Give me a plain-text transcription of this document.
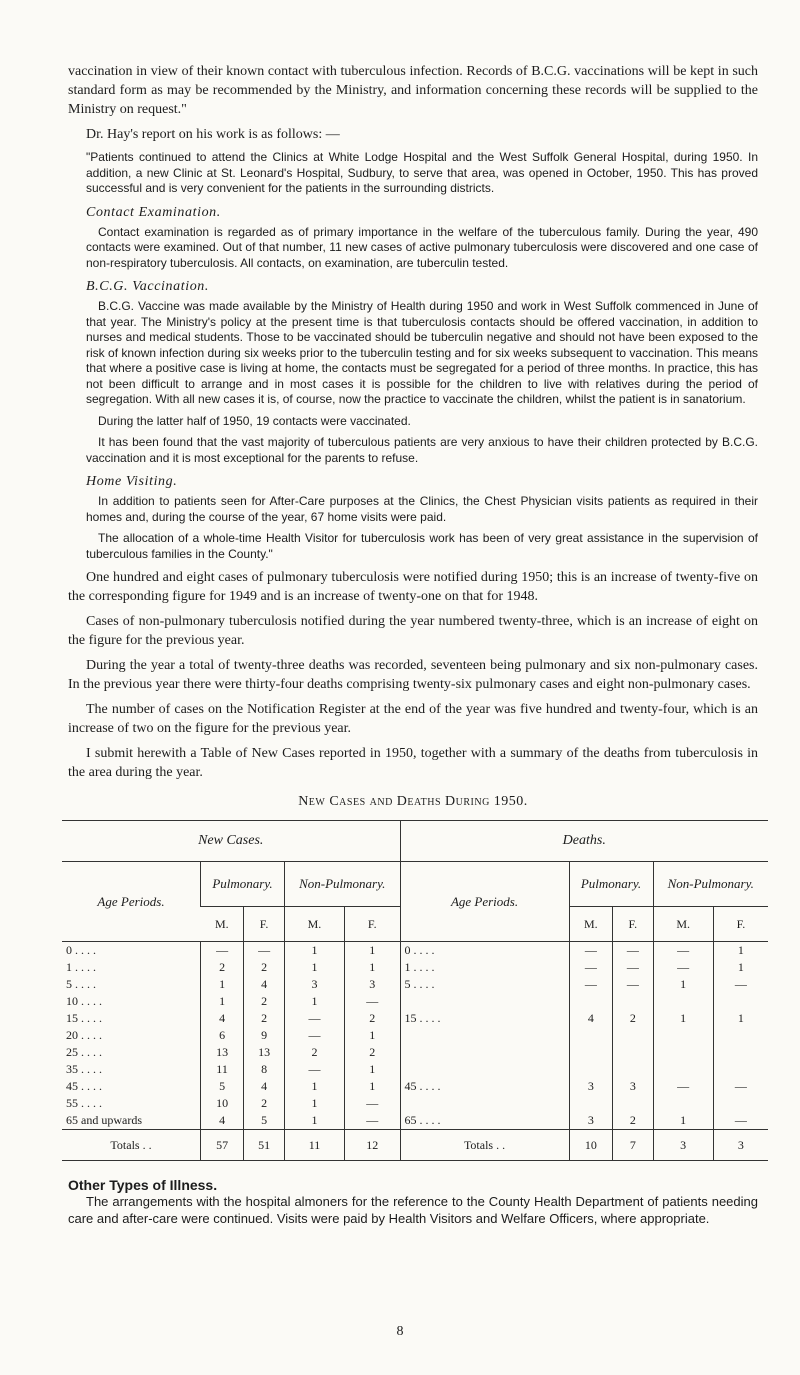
vaccination in view of their known contact with tuberculous infection. Records of B.C.G. vaccinations will be kept in such standard form as may be recommended by the Ministry, and information concerning these records will be supplied to the Ministry on request."

Dr. Hay's report on his work is as follows: —

"Patients continued to attend the Clinics at White Lodge Hospital and the West Suffolk General Hospital, during 1950. In addition, a new Clinic at St. Leonard's Hospital, Sudbury, to serve that area, was opened in October, 1950. This has proved successful and is very convenient for the patients in the surrounding districts.

Contact Examination.

Contact examination is regarded as of primary importance in the welfare of the tuberculous family. During the year, 490 contacts were examined. Out of that number, 11 new cases of active pulmonary tuberculosis were discovered and one case of non-respiratory tuberculosis. All contacts, on examination, are tuberculin tested.

B.C.G. Vaccination.

B.C.G. Vaccine was made available by the Ministry of Health during 1950 and work in West Suffolk commenced in June of that year. The Ministry's policy at the present time is that tuberculosis contacts should be offered vaccination, in addition to nurses and medical students. Those to be vaccinated should be tuberculin negative and should not have been exposed to the risk of known infection during six weeks prior to the tuberculin testing and for six weeks subsequent to vaccination. This means that where a positive case is living at home, the contacts must be segregated for a period of three months. In practice, this has not been difficult to arrange and in most cases it is possible for the children to live with relatives during the period of segregation. With all new cases it is, of course, now the practice to vaccinate the children, whilst the patient is in sanatorium.

During the latter half of 1950, 19 contacts were vaccinated.

It has been found that the vast majority of tuberculous patients are very anxious to have their children protected by B.C.G. vaccination and it is most exceptional for the parents to refuse.

Home Visiting.

In addition to patients seen for After-Care purposes at the Clinics, the Chest Physician visits patients as required in their homes and, during the course of the year, 67 home visits were paid.

The allocation of a whole-time Health Visitor for tuberculosis work has been of very great assistance in the supervision of tuberculous families in the County."

One hundred and eight cases of pulmonary tuberculosis were notified during 1950; this is an increase of twenty-five on the corresponding figure for 1949 and is an increase of twenty-one on that for 1948.

Cases of non-pulmonary tuberculosis notified during the year numbered twenty-three, which is an increase of eight on the figure for the previous year.

During the year a total of twenty-three deaths was recorded, seventeen being pulmonary and six non-pulmonary cases. In the previous year there were thirty-four deaths comprising twenty-six pulmonary cases and eight non-pulmonary cases.

The number of cases on the Notification Register at the end of the year was five hundred and twenty-four, which is an increase of two on the figure for the previous year.

I submit herewith a Table of New Cases reported in 1950, together with a summary of the deaths from tuberculosis in the area during the year.

New Cases and Deaths During 1950.

New Cases.					Deaths.				
Age Periods.	Pulmonary.		Non-Pulmonary.		Age Periods.	Pulmonary.		Non-Pulmonary.	
	M.	F.	M.	F.		M.	F.	M.	F.
0 . . . .	—	—	1	1	0 . . . .	—	—	—	1
1 . . . .	2	2	1	1	1 . . . .	—	—	—	1
5 . . . .	1	4	3	3	5 . . . .	—	—	1	—
10 . . . .	1	2	1	—					
15 . . . .	4	2	—	2	15 . . . .	4	2	1	1
20 . . . .	6	9	—	1					
25 . . . .	13	13	2	2					
35 . . . .	11	8	—	1					
45 . . . .	5	4	1	1	45 . . . .	3	3	—	—
55 . . . .	10	2	1	—					
65 and upwards	4	5	1	—	65 . . . .	3	2	1	—
Totals . .	57	51	11	12	Totals . .	10	7	3	3

Other Types of Illness.

The arrangements with the hospital almoners for the reference to the County Health Department of patients needing care and after-care were continued. Visits were paid by Health Visitors and Welfare Officers, where appropriate.

8
